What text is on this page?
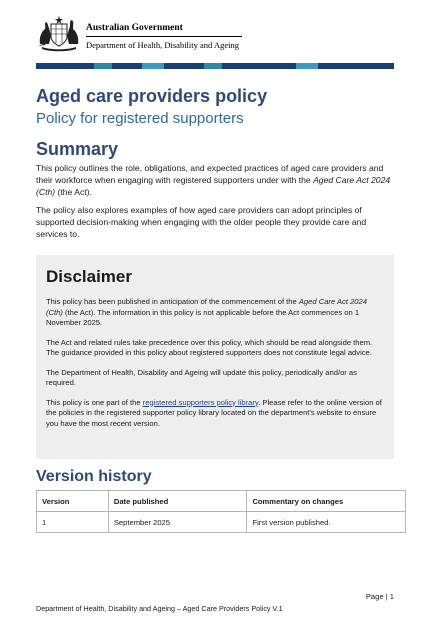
·
Australian Government
Department of Health, Disability and Ageing
Aged care providers policy
Policy for registered supporters
Summary

This policy outlines the role, obligations, and expected practices of aged care providers and their workforce when engaging with registered supporters under with the Aged Care Act 2024 (Cth) (the Act).

The policy also explores examples of how aged care providers can adopt principles of supported decision-making when engaging with the older people they provide care and services to.

Disclaimer

This policy has been published in anticipation of the commencement of the Aged Care Act 2024 (Cth) (the Act). The information in this policy is not applicable before the Act commences on 1 November 2025.

The Act and related rules take precedence over this policy, which should be read alongside them. The guidance provided in this policy about registered supporters does not constitute legal advice.

The Department of Health, Disability and Ageing will update this policy, periodically and/or as required.

This policy is one part of the registered supporters policy library. Please refer to the online version of the policies in the registered supporter policy library located on the department's website to ensure you have the most recent version.

Version history
Version	Date published	Commentary on changes
1	September 2025	First version published.
Page | 1
Department of Health, Disability and Ageing – Aged Care Providers Policy V.1
